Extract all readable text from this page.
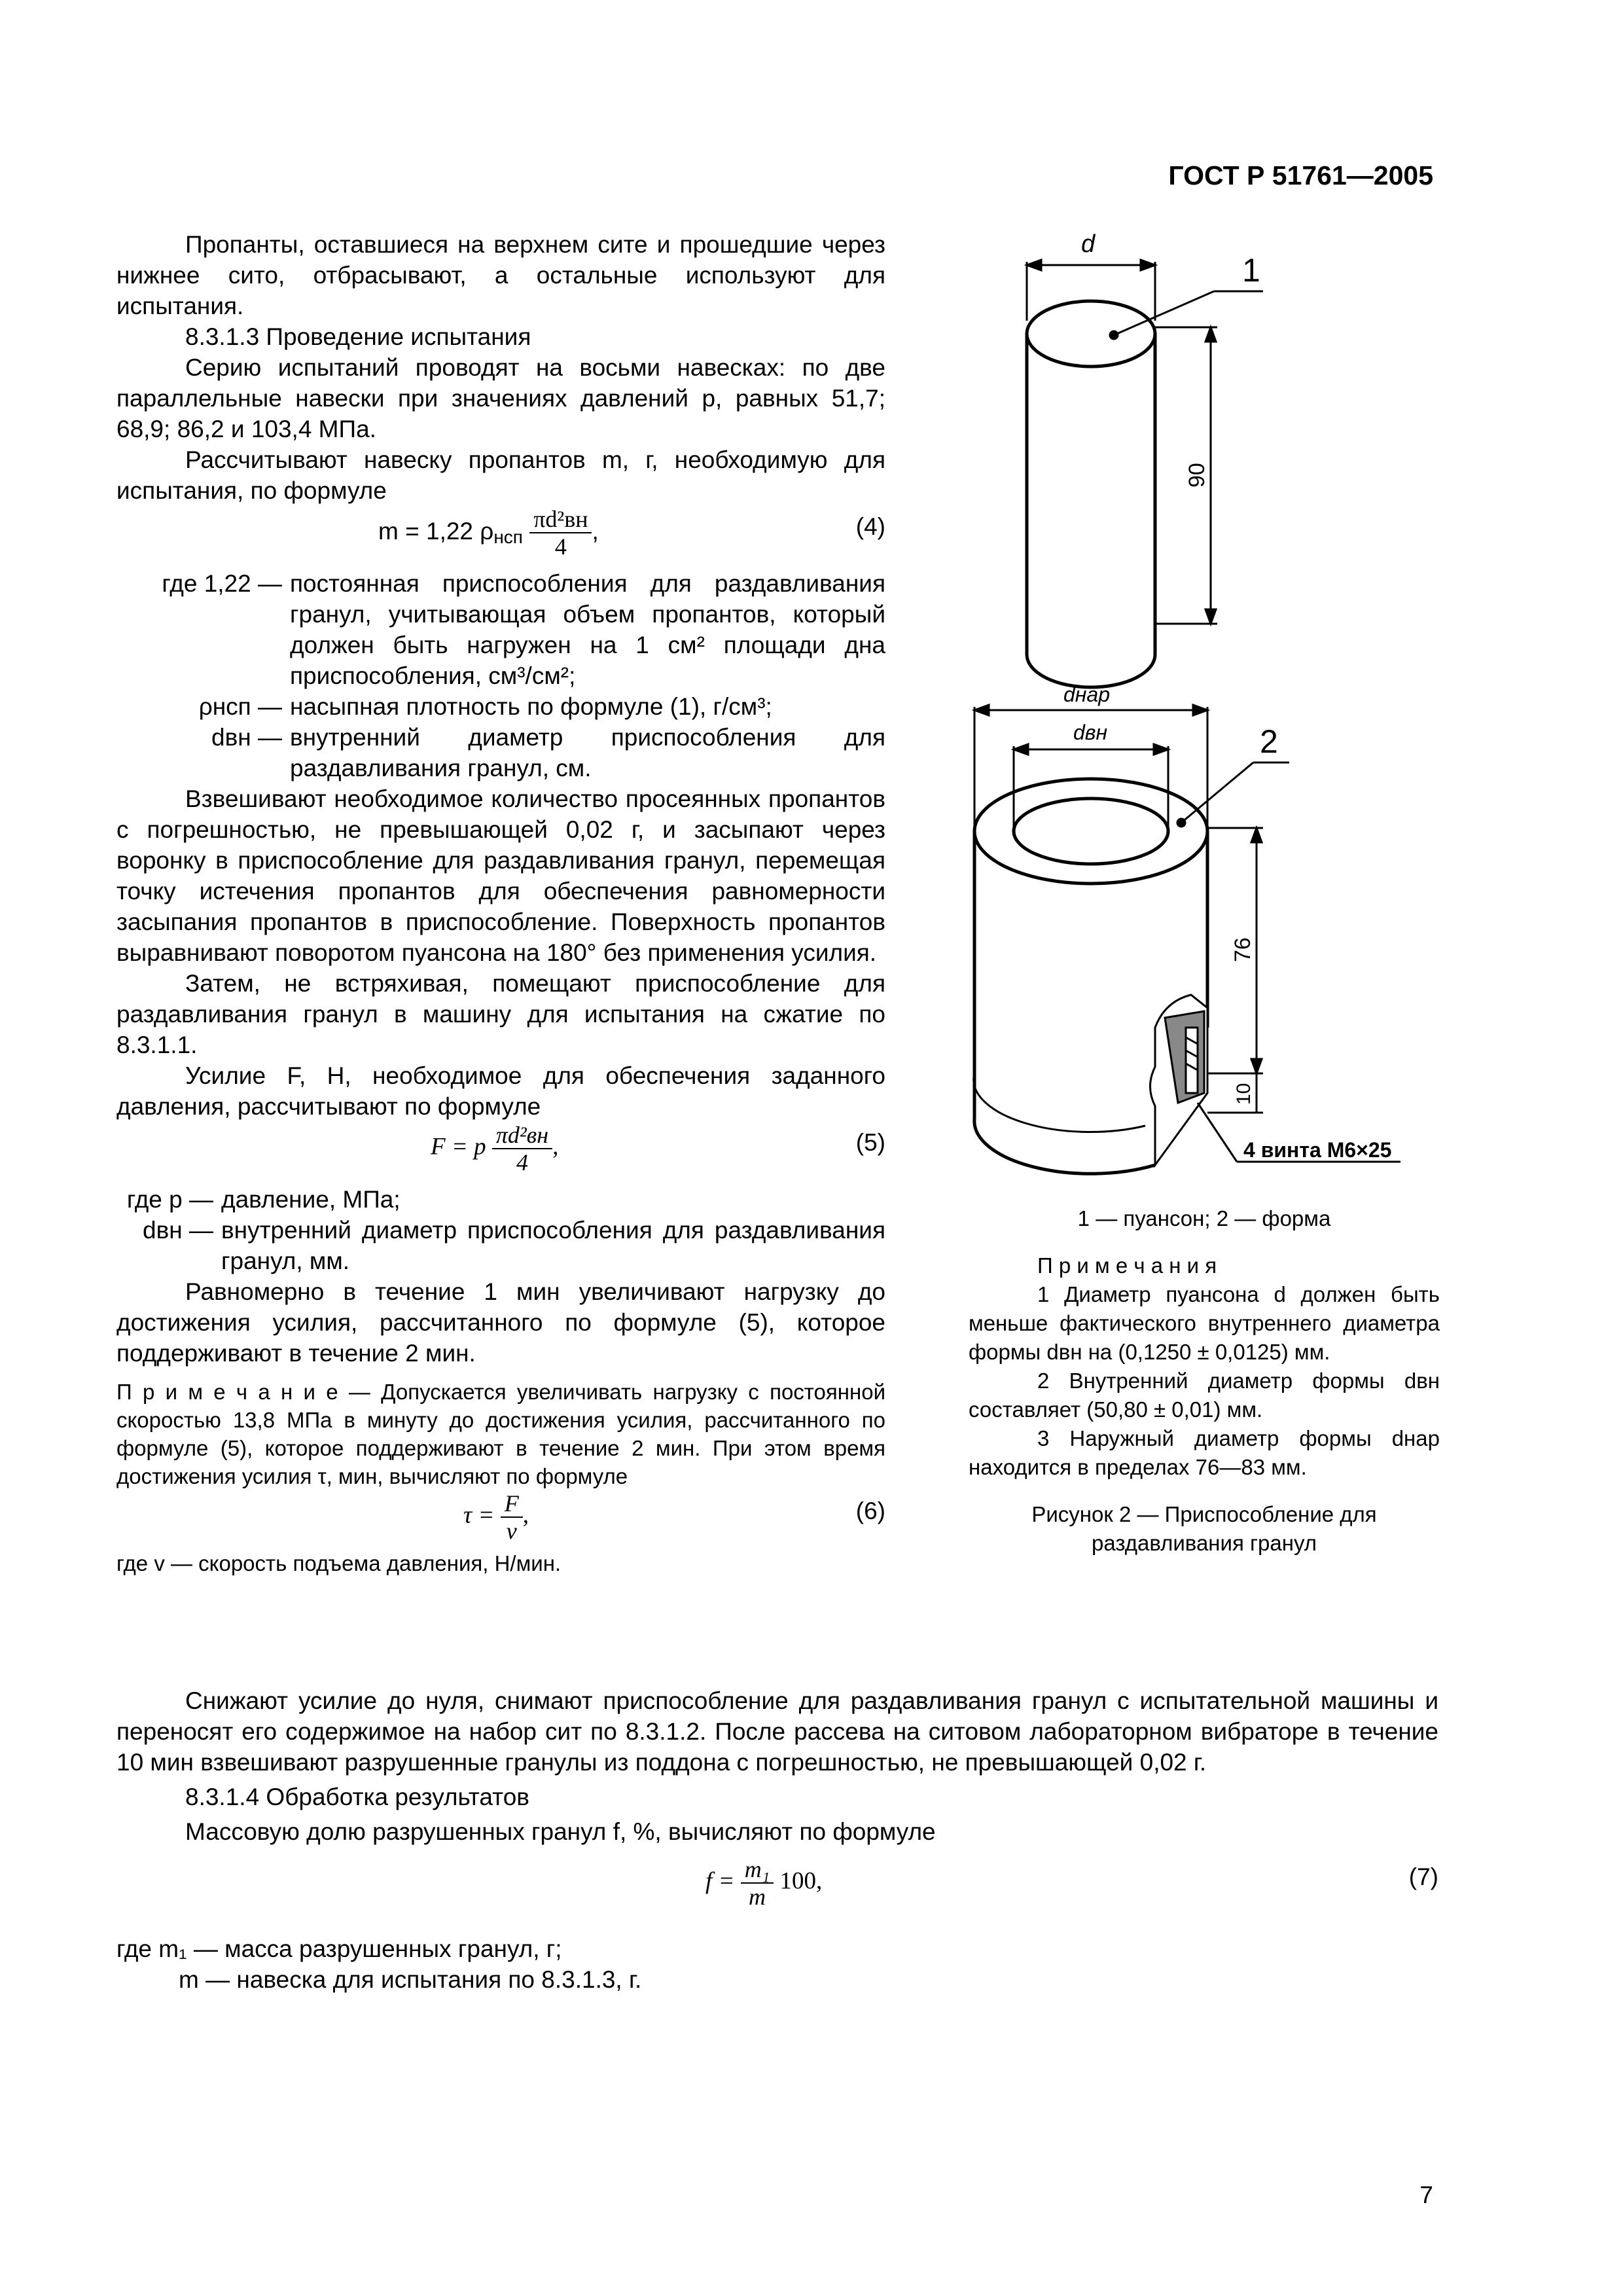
ГОСТ Р 51761—2005

Пропанты, оставшиеся на верхнем сите и прошедшие через нижнее сито, отбрасывают, а остальные используют для испытания.

8.3.1.3 Проведение испытания

Серию испытаний проводят на восьми навесках: по две параллельные навески при значениях давлений p, равных 51,7; 68,9; 86,2 и 103,4 МПа.

Рассчитывают навеску пропантов m, г, необходимую для испытания, по формуле

m = 1,22 ρнсп $\frac{\text{πd²вн}}{4}$ ,	(4)
где 1,22 — постоянная приспособления для раздавливания гранул, учитывающая объем пропантов, который должен быть нагружен на 1 см² площади дна приспособления, см³/см²;
ρнсп — насыпная плотность по формуле (1), г/см³;
dвн — внутренний диаметр приспособления для раздавливания гранул, см.

Взвешивают необходимое количество просеянных пропантов с погрешностью, не превышающей 0,02 г, и засыпают через воронку в приспособление для раздавливания гранул, перемещая точку истечения пропантов для обеспечения равномерности засыпания пропантов в приспособление. Поверхность пропантов выравнивают поворотом пуансона на 180° без применения усилия.

Затем, не встряхивая, помещают приспособление для раздавливания гранул в машину для испытания на сжатие по 8.3.1.1.

Усилие F, Н, необходимое для обеспечения заданного давления, рассчитывают по формуле

F = p $\frac{\text{πd²вн}}{4}$ ,	(5)
где p — давление, МПа;
dвн — внутренний диаметр приспособления для раздавливания гранул, мм.

Равномерно в течение 1 мин увеличивают нагрузку до достижения усилия, рассчитанного по формуле (5), которое поддерживают в течение 2 мин.

П р и м е ч а н и е — Допускается увеличивать нагрузку с постоянной скоростью 13,8 МПа в минуту до достижения усилия, рассчитанного по формуле (5), которое поддерживают в течение 2 мин. При этом время достижения усилия τ, мин, вычисляют по формуле

$\tau = \frac{F}{v}$ ,	(6)

где v — скорость подъема давления, Н/мин.

d
1
90
dнар
dвн	2
76
10
4 винта М6×25

1 — пуансон; 2 — форма

П р и м е ч а н и я

1 Диаметр пуансона d должен быть меньше фактического внутреннего диаметра формы dвн на (0,1250 ± 0,0125) мм.

2 Внутренний диаметр формы dвн составляет (50,80 ± 0,01) мм.

3 Наружный диаметр формы dнар находится в пределах 76—83 мм.

Рисунок 2 — Приспособление для раздавливания гранул

Снижают усилие до нуля, снимают приспособление для раздавливания гранул с испытательной машины и переносят его содержимое на набор сит по 8.3.1.2. После рассева на ситовом лабораторном вибраторе в течение 10 мин взвешивают разрушенные гранулы из поддона с погрешностью, не превышающей 0,02 г.

8.3.1.4 Обработка результатов

Массовую долю разрушенных гранул f, %, вычисляют по формуле

$f = \frac{\text{m₁}}{m} 100$,	(7)

где m₁ — масса разрушенных гранул, г;

m — навеска для испытания по 8.3.1.3, г.

7
